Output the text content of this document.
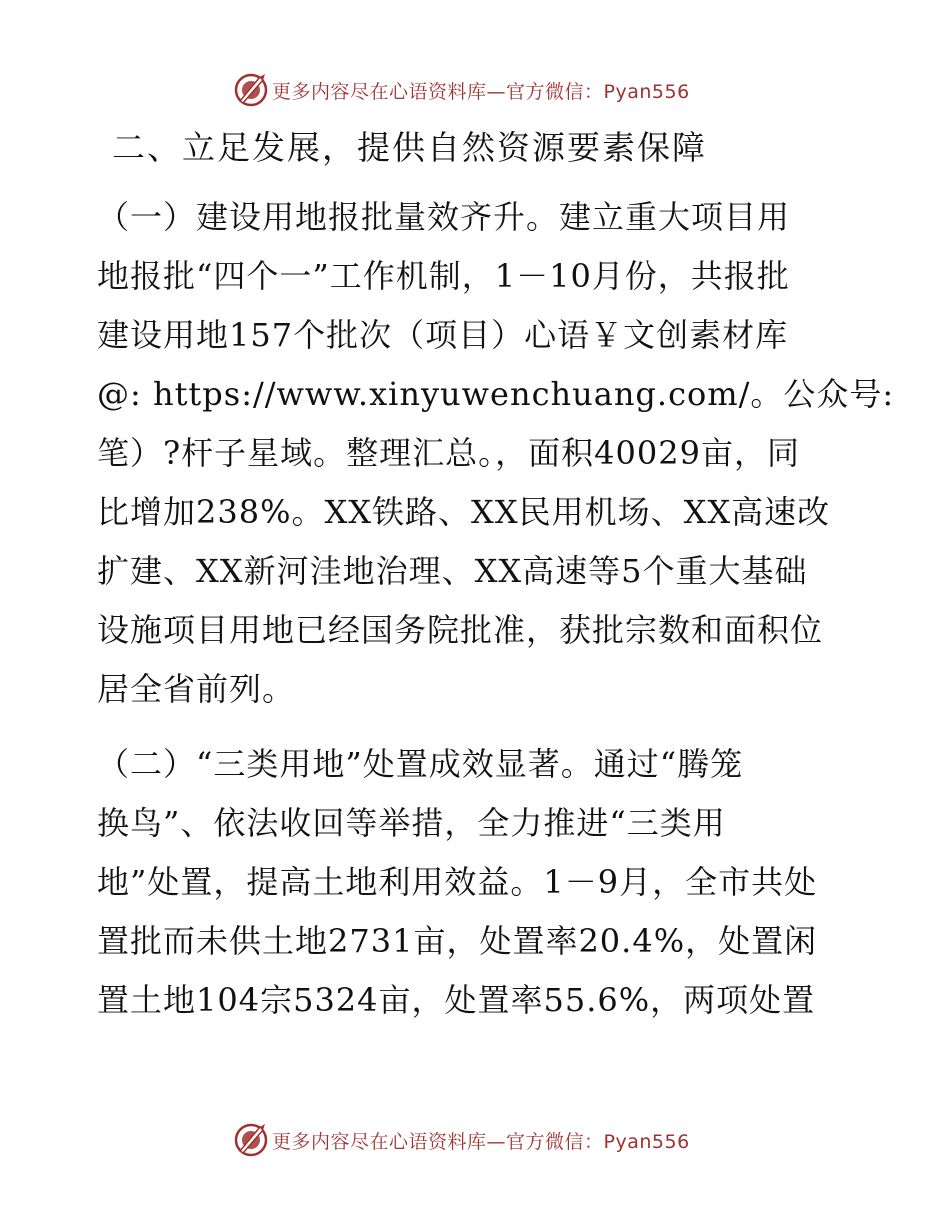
更多内容尽在心语资料库—官方微信：Pyan556
二、立足发展，提供自然资源要素保障
（一）建设用地报批量效齐升。建立重大项目用
地报批“四个一”工作机制，1－10月份，共报批
建设用地157个批次（项目）心语￥文创素材库
@: https://www.xinyuwenchuang.com/。公众号:
笔）?杆子星域。整理汇总。，面积40029亩，同
比增加238%。XX铁路、XX民用机场、XX高速改
扩建、XX新河洼地治理、XX高速等5个重大基础
设施项目用地已经国务院批准，获批宗数和面积位
居全省前列。
（二）“三类用地”处置成效显著。通过“腾笼
换鸟”、依法收回等举措，全力推进“三类用
地”处置，提高土地利用效益。1－9月，全市共处
置批而未供土地2731亩，处置率20.4%，处置闲
置土地104宗5324亩，处置率55.6%，两项处置
更多内容尽在心语资料库—官方微信：Pyan556
